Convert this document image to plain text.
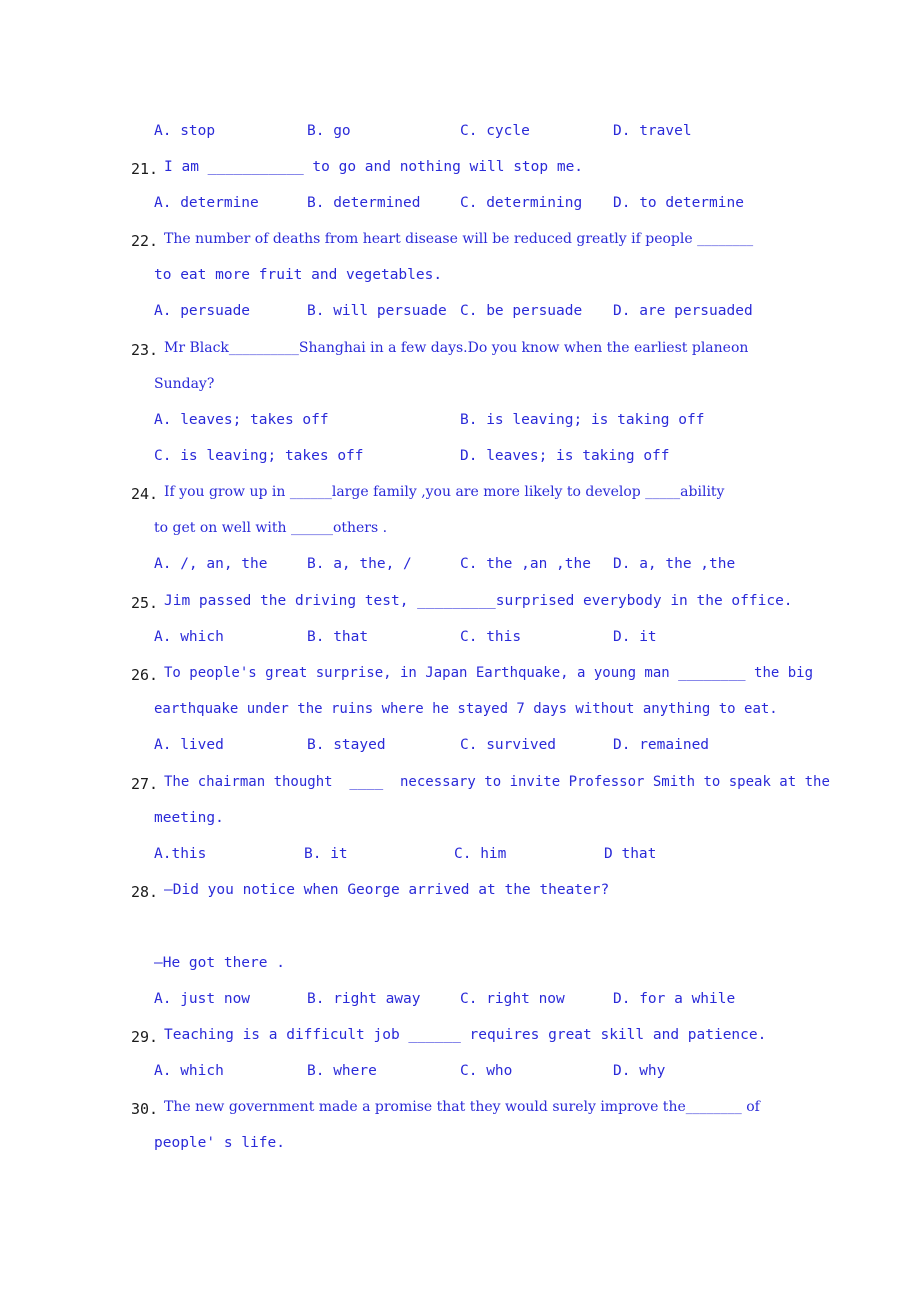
A. stop	B. go	C. cycle	D. travel
21. I am ___________ to go and nothing will stop me.
A. determine	B. determined	C. determining D. to determine
22. The number of deaths from heart disease will be reduced greatly if people ________
to eat more fruit and vegetables.
A. persuade	B. will persuade C. be persuade D. are persuaded
23. Mr Black__________Shanghai in a few days.Do you know when the earliest planeon
Sunday?
A. leaves; takes off	B. is leaving; is taking off
C. is leaving; takes off	D. leaves; is taking off
24. If you grow up in ______large family ,you are more likely to develop _____ability
to get on well with ______others .
A. /, an, the	B. a, the, /	C. the ,an ,the D. a, the ,the
25. Jim passed the driving test, _________surprised everybody in the office.
A. which	B. that	C. this	D. it
26. To people's great surprise, in Japan Earthquake, a young man ________ the big
earthquake under the ruins where he stayed 7 days without anything to eat.
A. lived	B. stayed	C. survived	D. remained
27. The chairman thought  ____  necessary to invite Professor Smith to speak at the
meeting.
A.this	B. it	C. him	D that
28. —Did you notice when George arrived at the theater?
—He got there .
A. just now	B. right away	C. right now	D. for a while
29. Teaching is a difficult job ______ requires great skill and patience.
A. which	B. where	C. who	D. why
30. The new government made a promise that they would surely improve the________ of
people' s life.
